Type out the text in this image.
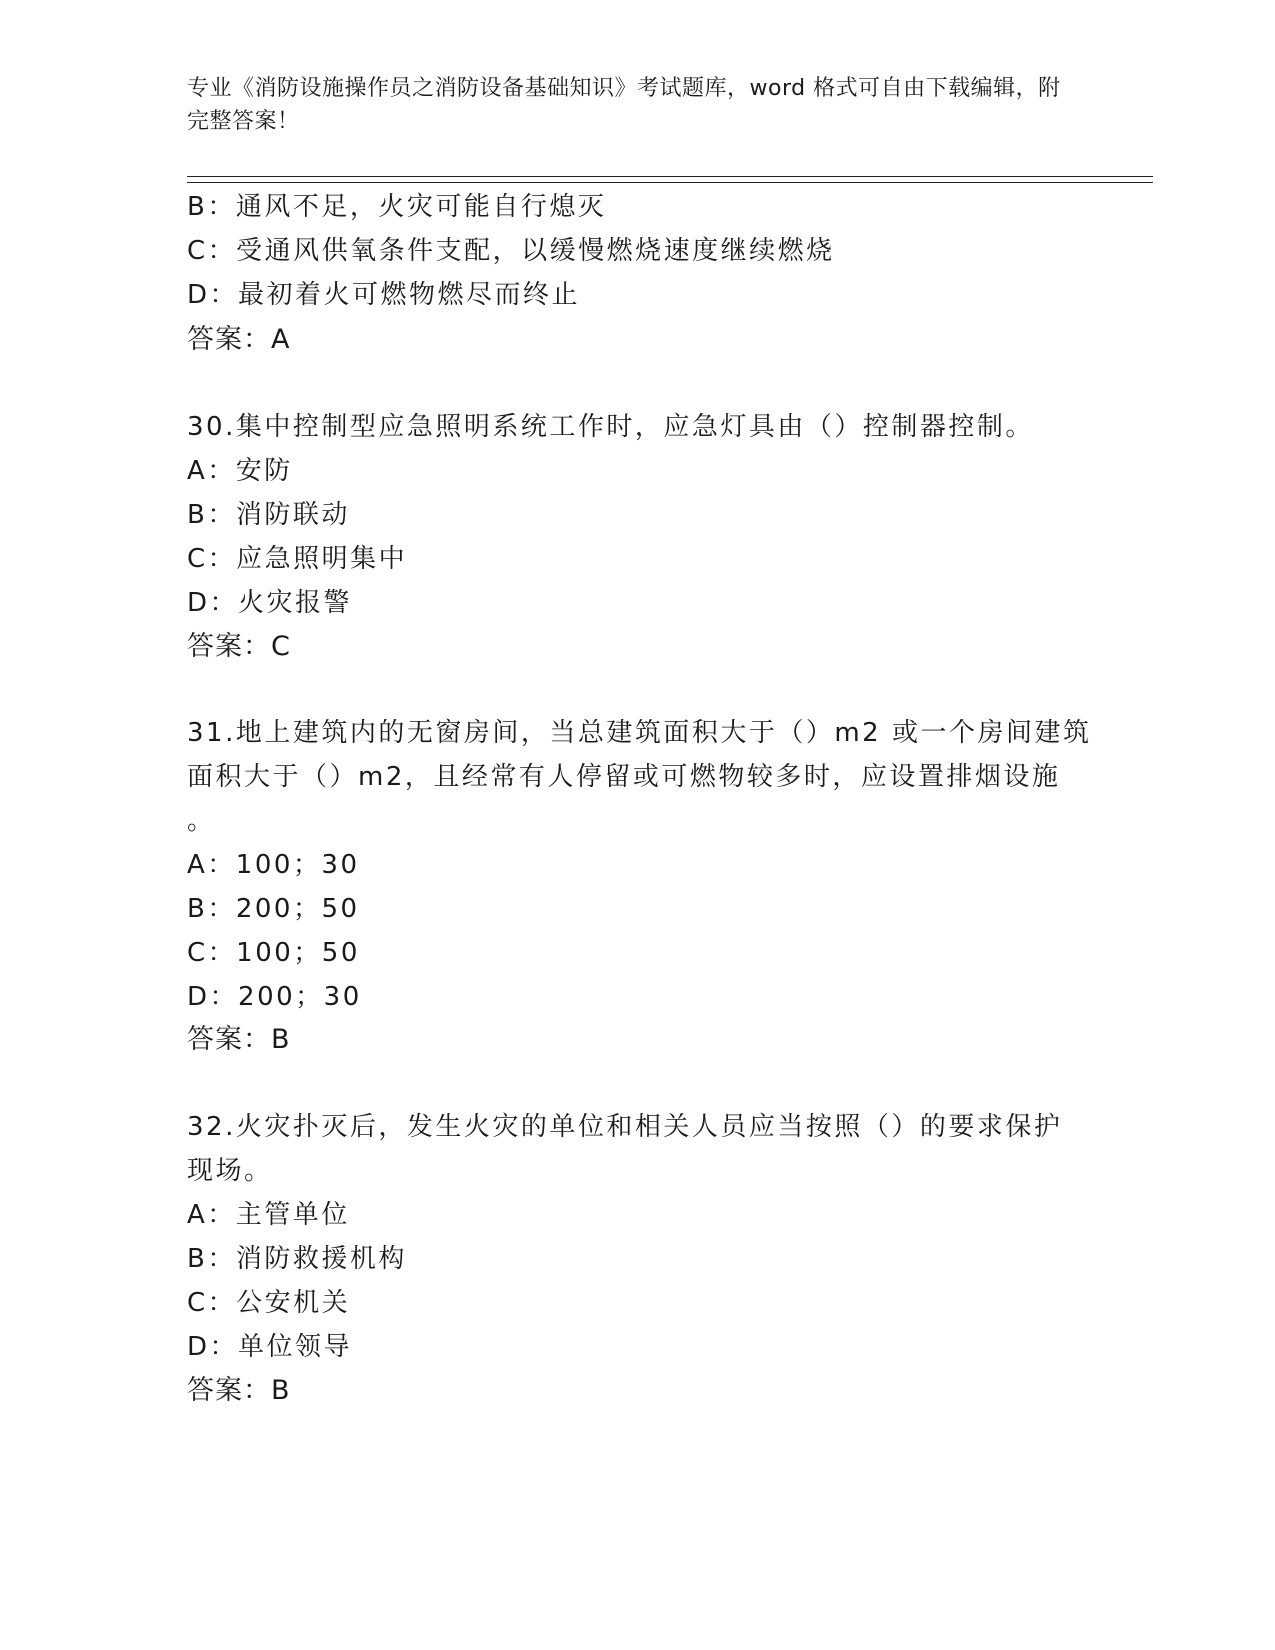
专业《消防设施操作员之消防设备基础知识》考试题库，word 格式可自由下载编辑，附完整答案！
B：通风不足，火灾可能自行熄灭
C：受通风供氧条件支配，以缓慢燃烧速度继续燃烧
D：最初着火可燃物燃尽而终止
答案：A
30.集中控制型应急照明系统工作时，应急灯具由（）控制器控制。
A：安防
B：消防联动
C：应急照明集中
D：火灾报警
答案：C
31.地上建筑内的无窗房间，当总建筑面积大于（）m2 或一个房间建筑
面积大于（）m2，且经常有人停留或可燃物较多时，应设置排烟设施
。
A：100；30
B：200；50
C：100；50
D：200；30
答案：B
32.火灾扑灭后，发生火灾的单位和相关人员应当按照（）的要求保护
现场。
A：主管单位
B：消防救援机构
C：公安机关
D：单位领导
答案：B
